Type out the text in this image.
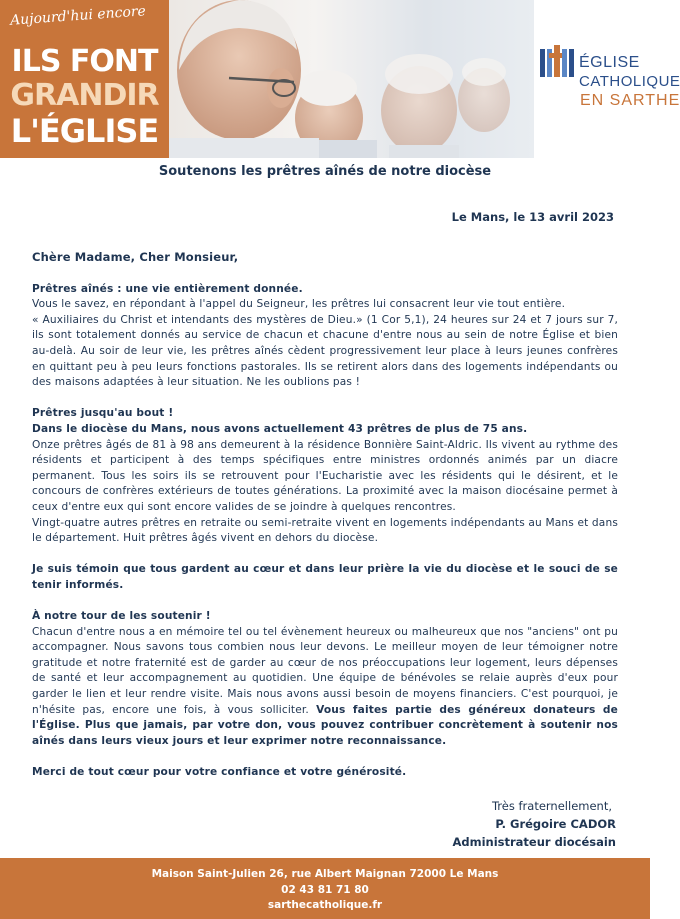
Aujourd'hui encore
ILS FONT
GRANDIR
L'ÉGLISE
ÉGLISE
CATHOLIQUE
EN SARTHE
Soutenons les prêtres aînés de notre diocèse
Le Mans, le 13 avril 2023
Chère Madame, Cher Monsieur,

Prêtres aînés : une vie entièrement donnée.

Vous le savez, en répondant à l'appel du Seigneur, les prêtres lui consacrent leur vie tout entière.

« Auxiliaires du Christ et intendants des mystères de Dieu.» (1 Cor 5,1), 24 heures sur 24 et 7 jours sur 7, ils sont totalement donnés au service de chacun et chacune d'entre nous au sein de notre Église et bien au-delà. Au soir de leur vie, les prêtres aînés cèdent progressivement leur place à leurs jeunes confrères en quittant peu à peu leurs fonctions pastorales. Ils se retirent alors dans des logements indépendants ou des maisons adaptées à leur situation. Ne les oublions pas !

Prêtres jusqu'au bout !

Dans le diocèse du Mans, nous avons actuellement 43 prêtres de plus de 75 ans.

Onze prêtres âgés de 81 à 98 ans demeurent à la résidence Bonnière Saint-Aldric. Ils vivent au rythme des résidents et participent à des temps spécifiques entre ministres ordonnés animés par un diacre permanent. Tous les soirs ils se retrouvent pour l'Eucharistie avec les résidents qui le désirent, et le concours de confrères extérieurs de toutes générations. La proximité avec la maison diocésaine permet à ceux d'entre eux qui sont encore valides de se joindre à quelques rencontres.

Vingt-quatre autres prêtres en retraite ou semi-retraite vivent en logements indépendants au Mans et dans le département. Huit prêtres âgés vivent en dehors du diocèse.

Je suis témoin que tous gardent au cœur et dans leur prière la vie du diocèse et le souci de se tenir informés.

À notre tour de les soutenir !

Chacun d'entre nous a en mémoire tel ou tel évènement heureux ou malheureux que nos "anciens" ont pu accompagner. Nous savons tous combien nous leur devons. Le meilleur moyen de leur témoigner notre gratitude et notre fraternité est de garder au cœur de nos préoccupations leur logement, leurs dépenses de santé et leur accompagnement au quotidien. Une équipe de bénévoles se relaie auprès d'eux pour garder le lien et leur rendre visite. Mais nous avons aussi besoin de moyens financiers. C'est pourquoi, je n'hésite pas, encore une fois, à vous solliciter. Vous faites partie des généreux donateurs de l'Église. Plus que jamais, par votre don, vous pouvez contribuer concrètement à soutenir nos aînés dans leurs vieux jours et leur exprimer notre reconnaissance.

Merci de tout cœur pour votre confiance et votre générosité.

Très fraternellement,
P. Grégoire CADOR
Administrateur diocésain
Maison Saint-Julien 26, rue Albert Maignan 72000 Le Mans
02 43 81 71 80
sarthecatholique.fr
